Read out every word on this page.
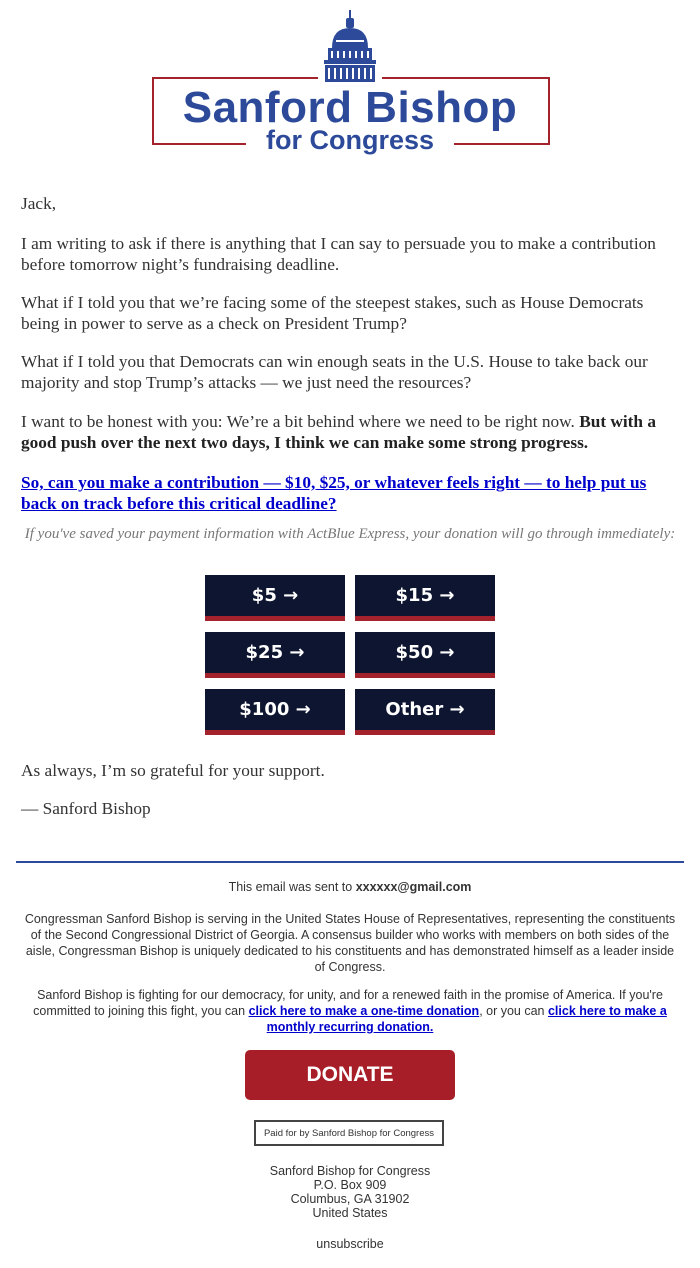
Sanford Bishop
for Congress

Jack,

I am writing to ask if there is anything that I can say to persuade you to make a contribution before tomorrow night’s fundraising deadline.

What if I told you that we’re facing some of the steepest stakes, such as House Democrats being in power to serve as a check on President Trump?

What if I told you that Democrats can win enough seats in the U.S. House to take back our majority and stop Trump’s attacks — we just need the resources?

I want to be honest with you: We’re a bit behind where we need to be right now. But with a good push over the next two days, I think we can make some strong progress.

So, can you make a contribution — $10, $25, or whatever feels right — to help put us back on track before this critical deadline?

If you've saved your payment information with ActBlue Express, your donation will go through immediately:
$5 →	$15 →
$25 →	$50 →
$100 →	Other →

As always, I’m so grateful for your support.

— Sanford Bishop

This email was sent to xxxxxx@gmail.com

Congressman Sanford Bishop is serving in the United States House of Representatives, representing the constituents of the Second Congressional District of Georgia. A consensus builder who works with members on both sides of the aisle, Congressman Bishop is uniquely dedicated to his constituents and has demonstrated himself as a leader inside of Congress.

Sanford Bishop is fighting for our democracy, for unity, and for a renewed faith in the promise of America. If you're committed to joining this fight, you can click here to make a one-time donation, or you can click here to make a monthly recurring donation.

DONATE
Paid for by Sanford Bishop for Congress

Sanford Bishop for Congress
P.O. Box 909
Columbus, GA 31902
United States

unsubscribe
